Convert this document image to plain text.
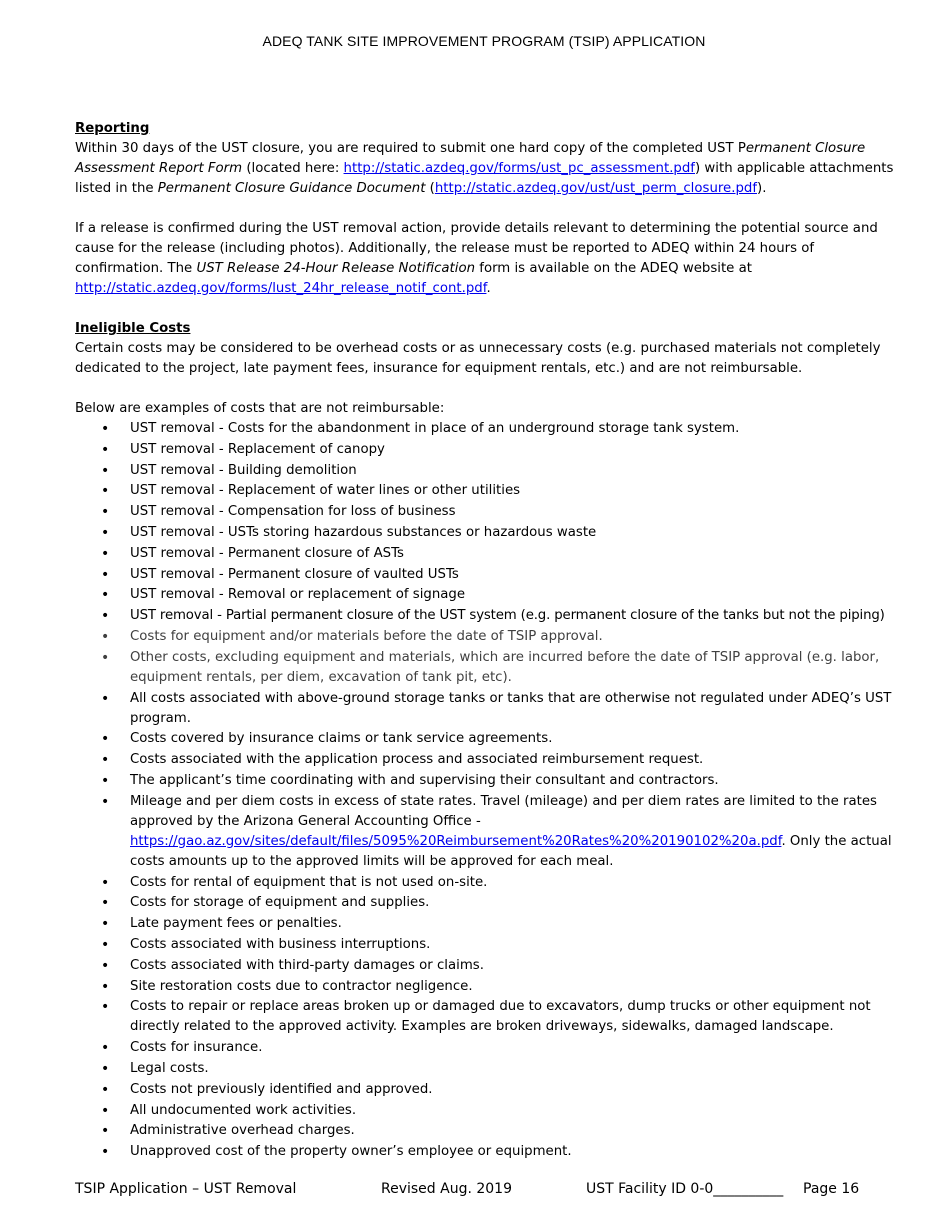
ADEQ TANK SITE IMPROVEMENT PROGRAM (TSIP) APPLICATION
Reporting

Within 30 days of the UST closure, you are required to submit one hard copy of the completed UST Permanent Closure Assessment Report Form (located here: http://static.azdeq.gov/forms/ust_pc_assessment.pdf) with applicable attachments listed in the Permanent Closure Guidance Document (http://static.azdeq.gov/ust/ust_perm_closure.pdf).

If a release is confirmed during the UST removal action, provide details relevant to determining the potential source and cause for the release (including photos). Additionally, the release must be reported to ADEQ within 24 hours of confirmation. The UST Release 24-Hour Release Notification form is available on the ADEQ website at
http://static.azdeq.gov/forms/lust_24hr_release_notif_cont.pdf.

Ineligible Costs

Certain costs may be considered to be overhead costs or as unnecessary costs (e.g. purchased materials not completely dedicated to the project, late payment fees, insurance for equipment rentals, etc.) and are not reimbursable.

Below are examples of costs that are not reimbursable:

• UST removal - Costs for the abandonment in place of an underground storage tank system.
• UST removal - Replacement of canopy
• UST removal - Building demolition
• UST removal - Replacement of water lines or other utilities
• UST removal - Compensation for loss of business
• UST removal - USTs storing hazardous substances or hazardous waste
• UST removal - Permanent closure of ASTs
• UST removal - Permanent closure of vaulted USTs
• UST removal - Removal or replacement of signage
• UST removal - Partial permanent closure of the UST system (e.g. permanent closure of the tanks but not the piping)
• Costs for equipment and/or materials before the date of TSIP approval.
• Other costs, excluding equipment and materials, which are incurred before the date of TSIP approval (e.g. labor, equipment rentals, per diem, excavation of tank pit, etc).
• All costs associated with above-ground storage tanks or tanks that are otherwise not regulated under ADEQ’s UST program.
• Costs covered by insurance claims or tank service agreements.
• Costs associated with the application process and associated reimbursement request.
• The applicant’s time coordinating with and supervising their consultant and contractors.
• Mileage and per diem costs in excess of state rates. Travel (mileage) and per diem rates are limited to the rates approved by the Arizona General Accounting Office -
https://gao.az.gov/sites/default/files/5095%20Reimbursement%20Rates%20%20190102%20a.pdf. Only the actual costs amounts up to the approved limits will be approved for each meal.
• Costs for rental of equipment that is not used on-site.
• Costs for storage of equipment and supplies.
• Late payment fees or penalties.
• Costs associated with business interruptions.
• Costs associated with third-party damages or claims.
• Site restoration costs due to contractor negligence.
• Costs to repair or replace areas broken up or damaged due to excavators, dump trucks or other equipment not directly related to the approved activity. Examples are broken driveways, sidewalks, damaged landscape.
• Costs for insurance.
• Legal costs.
• Costs not previously identified and approved.
• All undocumented work activities.
• Administrative overhead charges.
• Unapproved cost of the property owner’s employee or equipment.
TSIP Application – UST Removal	Revised Aug. 2019	UST Facility ID 0-0__________ Page 16
